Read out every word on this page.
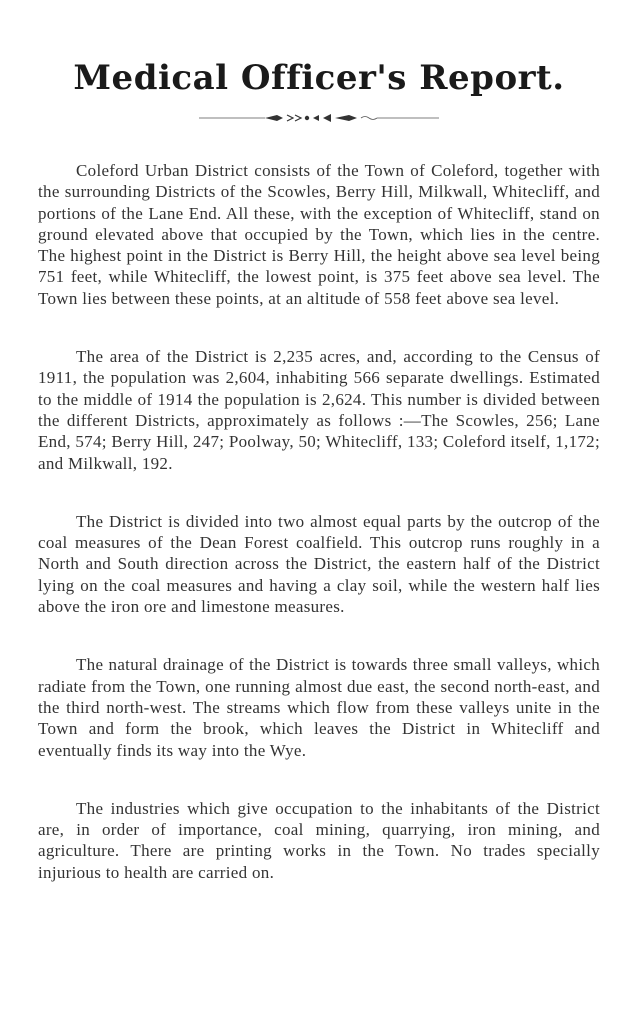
Medical Officer's Report.

Coleford Urban District consists of the Town of Coleford, together with the surrounding Districts of the Scowles, Berry Hill, Milkwall, Whitecliff, and portions of the Lane End. All these, with the exception of Whitecliff, stand on ground elevated above that occupied by the Town, which lies in the centre. The highest point in the District is Berry Hill, the height above sea level being 751 feet, while Whitecliff, the lowest point, is 375 feet above sea level. The Town lies between these points, at an altitude of 558 feet above sea level.

The area of the District is 2,235 acres, and, according to the Census of 1911, the population was 2,604, inhabiting 566 separate dwellings. Estimated to the middle of 1914 the population is 2,624. This number is divided between the different Districts, approximately as follows :—The Scowles, 256; Lane End, 574; Berry Hill, 247; Poolway, 50; Whitecliff, 133; Coleford itself, 1,172; and Milkwall, 192.

The District is divided into two almost equal parts by the outcrop of the coal measures of the Dean Forest coalfield. This outcrop runs roughly in a North and South direction across the District, the eastern half of the District lying on the coal measures and having a clay soil, while the western half lies above the iron ore and limestone measures.

The natural drainage of the District is towards three small valleys, which radiate from the Town, one running almost due east, the second north-east, and the third north-west. The streams which flow from these valleys unite in the Town and form the brook, which leaves the District in Whitecliff and eventually finds its way into the Wye.

The industries which give occupation to the inhabitants of the District are, in order of importance, coal mining, quarrying, iron mining, and agriculture. There are printing works in the Town. No trades specially injurious to health are carried on.
